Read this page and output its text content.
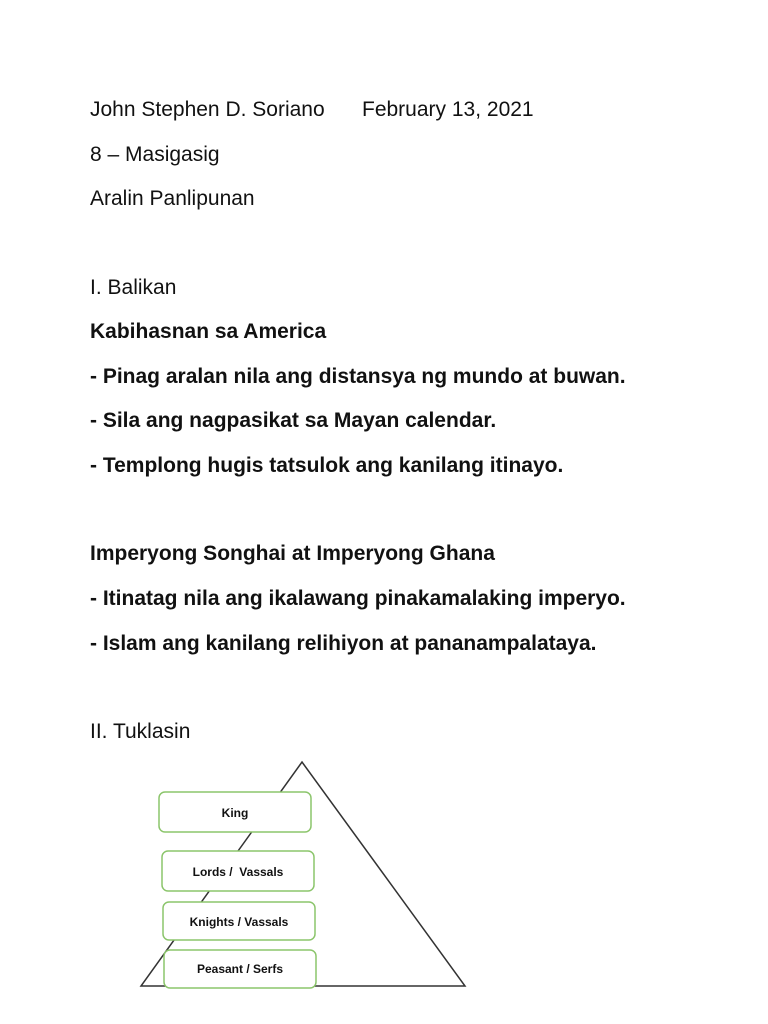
John Stephen D. Soriano February 13, 2021

8 – Masigasig

Aralin Panlipunan

I. Balikan

Kabihasnan sa America

- Pinag aralan nila ang distansya ng mundo at buwan.

- Sila ang nagpasikat sa Mayan calendar.

- Templong hugis tatsulok ang kanilang itinayo.

Imperyong Songhai at Imperyong Ghana

- Itinatag nila ang ikalawang pinakamalaking imperyo.

- Islam ang kanilang relihiyon at pananampalataya.

II. Tuklasin

King
Lords /  Vassals
Knights / Vassals
Peasant / Serfs
